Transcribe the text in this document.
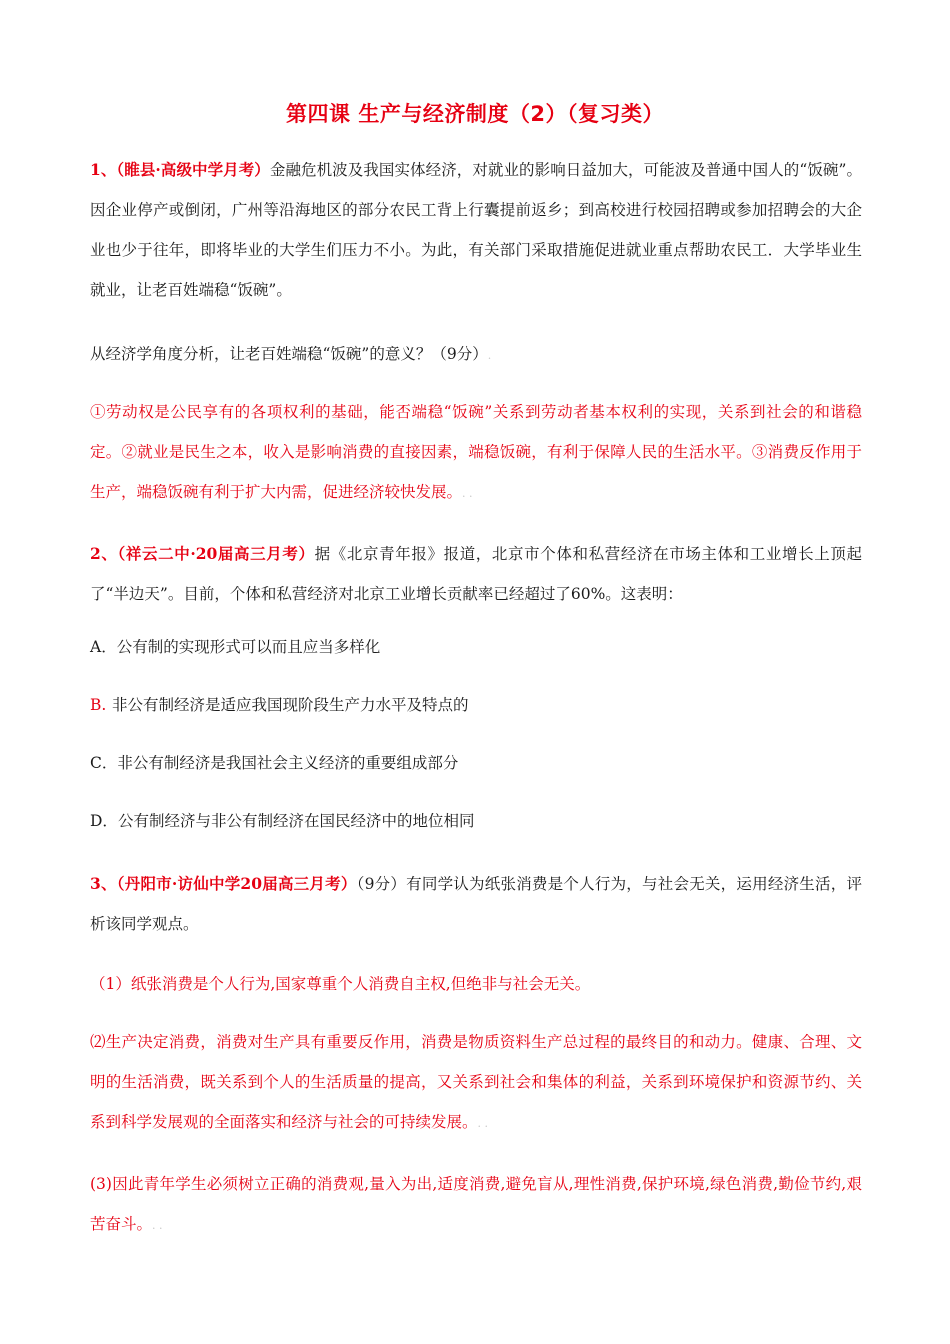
第四课 生产与经济制度（2）（复习类）
1、（睢县·高级中学月考）金融危机波及我国实体经济，对就业的影响日益加大，可能波及普通中国人的“饭碗”。因企业停产或倒闭，广州等沿海地区的部分农民工背上行囊提前返乡；到高校进行校园招聘或参加招聘会的大企业也少于往年，即将毕业的大学生们压力不小。为此，有关部门采取措施促进就业重点帮助农民工．大学毕业生就业，让老百姓端稳“饭碗”。
从经济学角度分析，让老百姓端稳“饭碗”的意义？（9分）.
①劳动权是公民享有的各项权利的基础，能否端稳“饭碗”关系到劳动者基本权利的实现，关系到社会的和谐稳定。②就业是民生之本，收入是影响消费的直接因素，端稳饭碗，有利于保障人民的生活水平。③消费反作用于生产，端稳饭碗有利于扩大内需，促进经济较快发展。. .
2、（祥云二中·20届高三月考）据《北京青年报》报道，北京市个体和私营经济在市场主体和工业增长上顶起了“半边天”。目前，个体和私营经济对北京工业增长贡献率已经超过了60%。这表明：
A．公有制的实现形式可以而且应当多样化
B. 非公有制经济是适应我国现阶段生产力水平及特点的
C．非公有制经济是我国社会主义经济的重要组成部分
D．公有制经济与非公有制经济在国民经济中的地位相同
3、（丹阳市·访仙中学20届高三月考）（9分）有同学认为纸张消费是个人行为，与社会无关，运用经济生活，评析该同学观点。
（1）纸张消费是个人行为,国家尊重个人消费自主权,但绝非与社会无关。
⑵生产决定消费，消费对生产具有重要反作用，消费是物质资料生产总过程的最终目的和动力。健康、合理、文明的生活消费，既关系到个人的生活质量的提高，又关系到社会和集体的利益，关系到环境保护和资源节约、关系到科学发展观的全面落实和经济与社会的可持续发展。. .
(3)因此青年学生必须树立正确的消费观,量入为出,适度消费,避免盲从,理性消费,保护环境,绿色消费,勤俭节约,艰苦奋斗。. .
